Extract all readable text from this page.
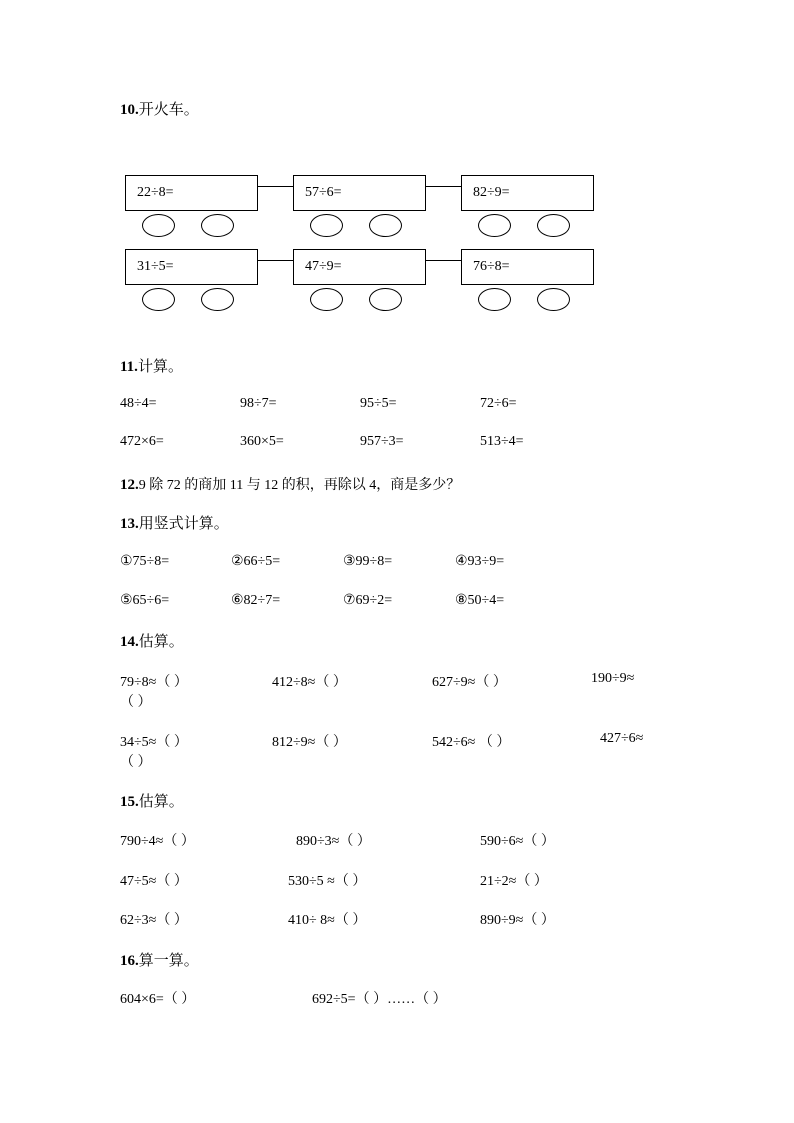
10.开火车。
22÷8=	57÷6=	82÷9=
31÷5=	47÷9=	76÷8=
11.计算。
48÷4=	98÷7=	95÷5=	72÷6=
472×6=	360×5=	957÷3=	513÷4=
12.9 除 72 的商加 11 与 12 的积，再除以 4，商是多少？
13.用竖式计算。
①75÷8=	②66÷5=	③99÷8=	④93÷9=
⑤65÷6=	⑥82÷7=	⑦69÷2=	⑧50÷4=
14.估算。
79÷8≈（ ）	412÷8≈（ ）	627÷9≈（ ）	190÷9≈
（ ）
34÷5≈（ ）	812÷9≈（ ）	542÷6≈ （ ）	427÷6≈
（ ）
15.估算。
790÷4≈（ ）	890÷3≈（ ）	590÷6≈（ ）
47÷5≈（ ）	530÷5 ≈（ ）	21÷2≈（ ）
62÷3≈（ ）	410÷ 8≈（ ）	890÷9≈（ ）
16.算一算。
604×6=（ ）	692÷5=（ ）……（ ）
